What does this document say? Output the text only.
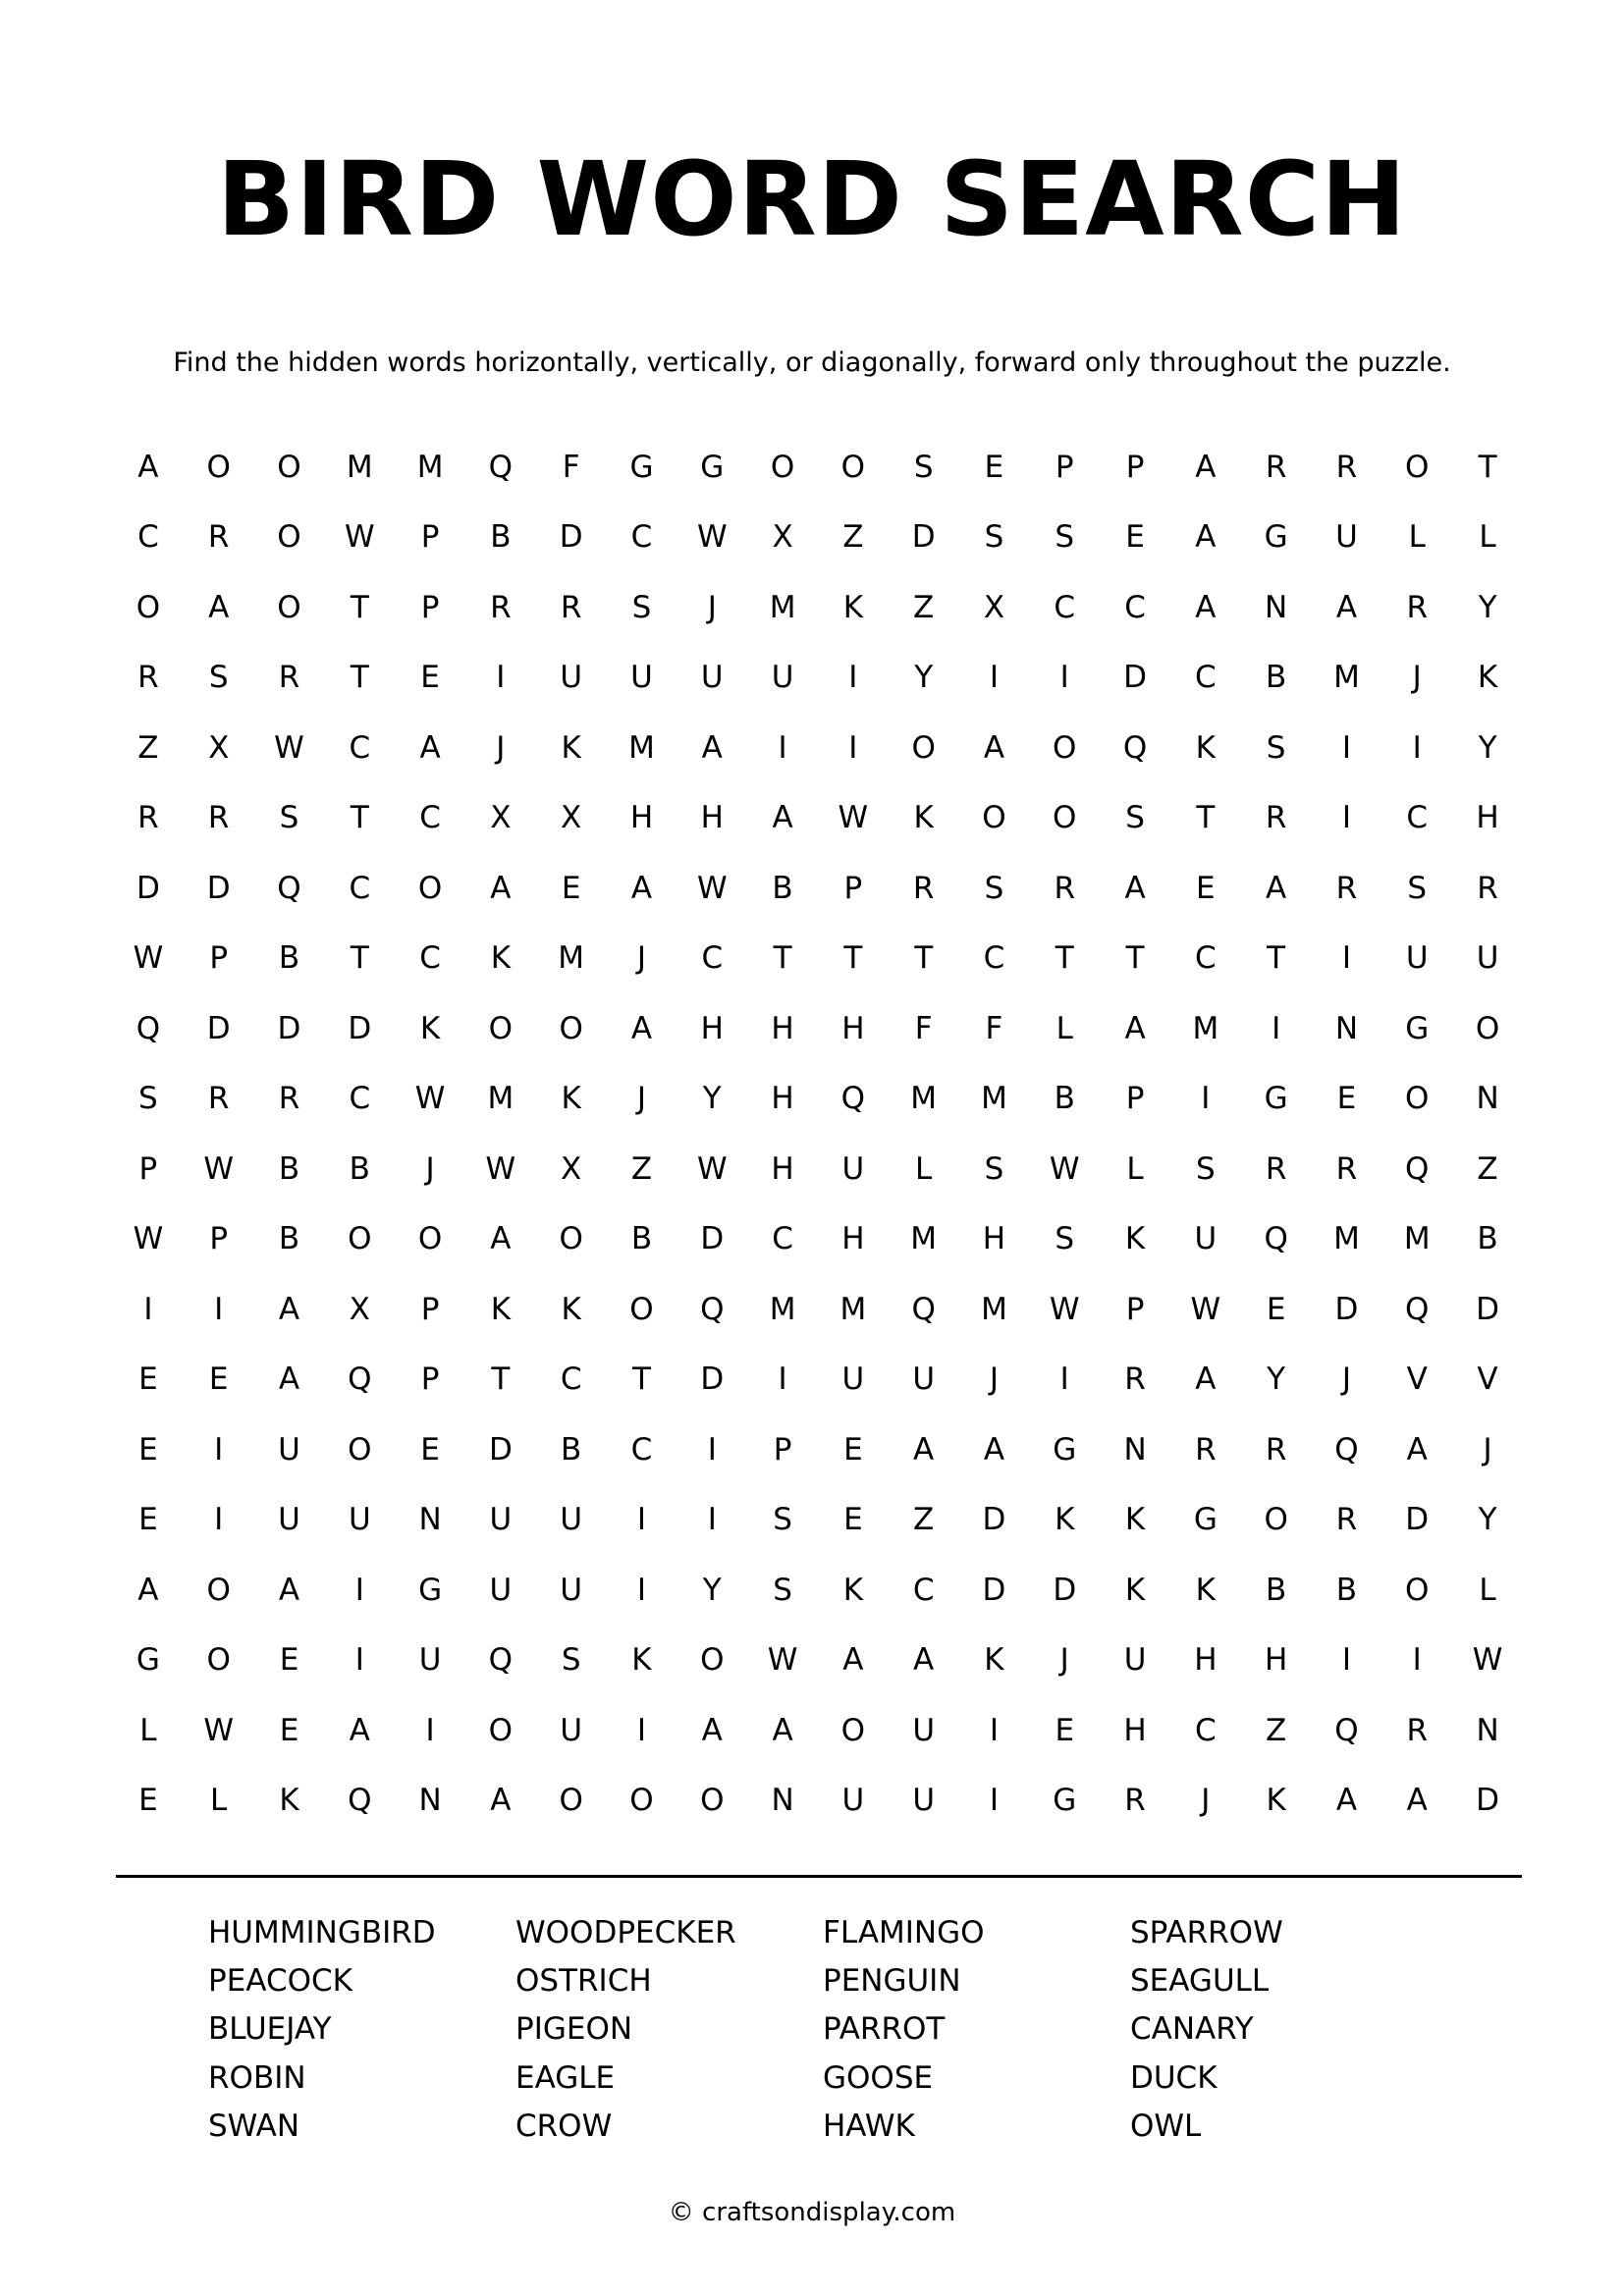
BIRD WORD SEARCH

Find the hidden words horizontally, vertically, or diagonally, forward only throughout the puzzle.

A	O	O	M	M	Q	F	G	G	O	O	S	E	P	P	A	R	R	O	T
C	R	O	W	P	B	D	C	W	X	Z	D	S	S	E	A	G	U	L	L
O	A	O	T	P	R	R	S	J	M	K	Z	X	C	C	A	N	A	R	Y
R	S	R	T	E	I	U	U	U	U	I	Y	I	I	D	C	B	M	J	K
Z	X	W	C	A	J	K	M	A	I	I	O	A	O	Q	K	S	I	I	Y
R	R	S	T	C	X	X	H	H	A	W	K	O	O	S	T	R	I	C	H
D	D	Q	C	O	A	E	A	W	B	P	R	S	R	A	E	A	R	S	R
W	P	B	T	C	K	M	J	C	T	T	T	C	T	T	C	T	I	U	U
Q	D	D	D	K	O	O	A	H	H	H	F	F	L	A	M	I	N	G	O
S	R	R	C	W	M	K	J	Y	H	Q	M	M	B	P	I	G	E	O	N
P	W	B	B	J	W	X	Z	W	H	U	L	S	W	L	S	R	R	Q	Z
W	P	B	O	O	A	O	B	D	C	H	M	H	S	K	U	Q	M	M	B
I	I	A	X	P	K	K	O	Q	M	M	Q	M	W	P	W	E	D	Q	D
E	E	A	Q	P	T	C	T	D	I	U	U	J	I	R	A	Y	J	V	V
E	I	U	O	E	D	B	C	I	P	E	A	A	G	N	R	R	Q	A	J
E	I	U	U	N	U	U	I	I	S	E	Z	D	K	K	G	O	R	D	Y
A	O	A	I	G	U	U	I	Y	S	K	C	D	D	K	K	B	B	O	L
G	O	E	I	U	Q	S	K	O	W	A	A	K	J	U	H	H	I	I	W
L	W	E	A	I	O	U	I	A	A	O	U	I	E	H	C	Z	Q	R	N
E	L	K	Q	N	A	O	O	O	N	U	U	I	G	R	J	K	A	A	D
HUMMINGBIRD	WOODPECKER	FLAMINGO	SPARROW
PEACOCK	OSTRICH	PENGUIN	SEAGULL
BLUEJAY	PIGEON	PARROT	CANARY
ROBIN	EAGLE	GOOSE	DUCK
SWAN	CROW	HAWK	OWL

© craftsondisplay.com
